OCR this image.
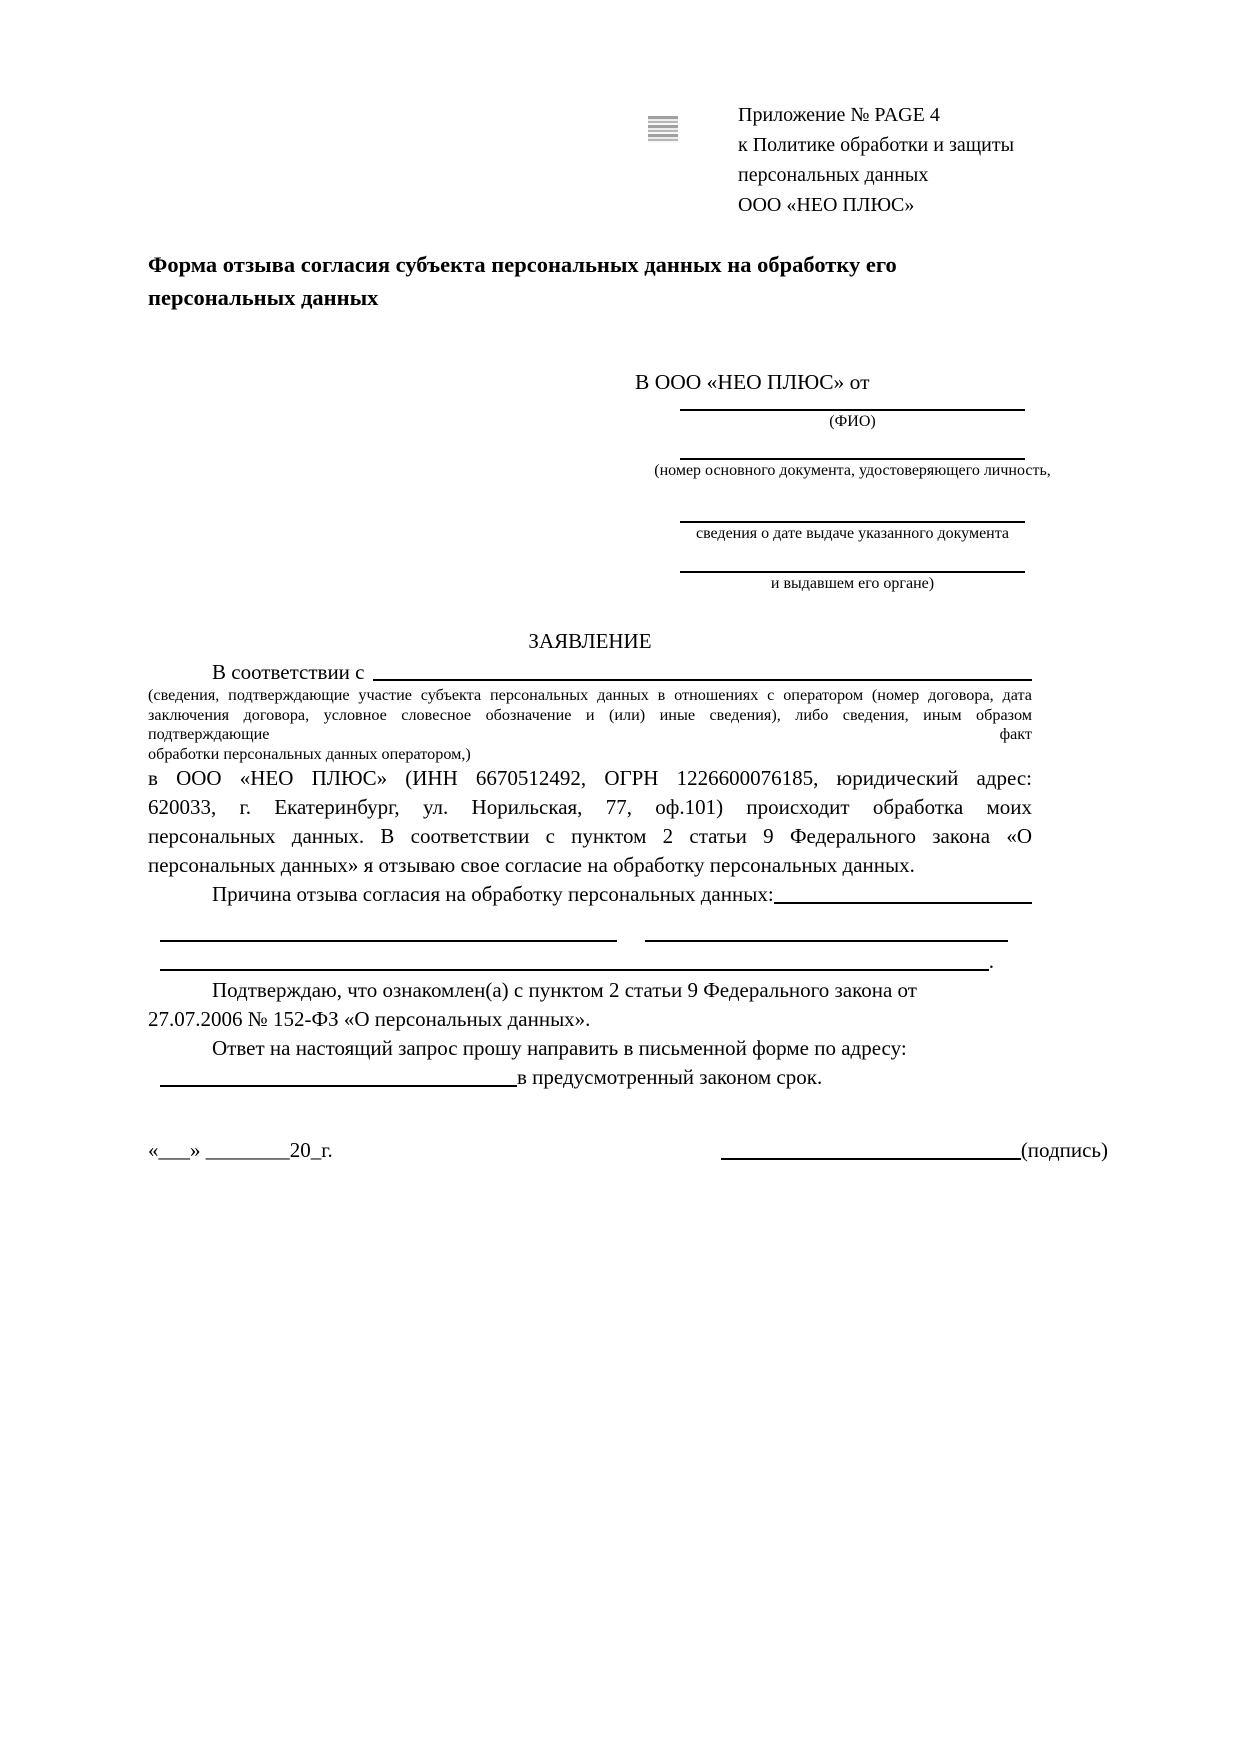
Приложение № PAGE 4
к Политике обработки и защиты
персональных данных
ООО «НЕО ПЛЮС»
Форма отзыва согласия субъекта персональных данных на обработку его персональных данных
В ООО «НЕО ПЛЮС» от
(ФИО)
(номер основного документа, удостоверяющего личность,
сведения о дате выдаче указанного документа
и выдавшем его органе)
ЗАЯВЛЕНИЕ
В соответствии с
(сведения, подтверждающие участие субъекта персональных данных в отношениях с оператором (номер договора, дата
заключения договора, условное словесное обозначение и (или) иные сведения), либо сведения, иным образом подтверждающие факт
обработки персональных данных оператором,)
в ООО «НЕО ПЛЮС» (ИНН 6670512492, ОГРН 1226600076185, юридический адрес:
620033, г. Екатеринбург, ул. Норильская, 77, оф.101) происходит обработка моих
персональных данных. В соответствии с пунктом 2 статьи 9 Федерального закона «О
персональных данных» я отзываю свое согласие на обработку персональных данных.
Причина отзыва согласия на обработку персональных данных:
.
Подтверждаю, что ознакомлен(а) с пунктом 2 статьи 9 Федерального закона от
27.07.2006 № 152-ФЗ «О персональных данных».
Ответ на настоящий запрос прошу направить в письменной форме по адресу:
в предусмотренный законом срок.
«___» ________20_г.	(подпись)
